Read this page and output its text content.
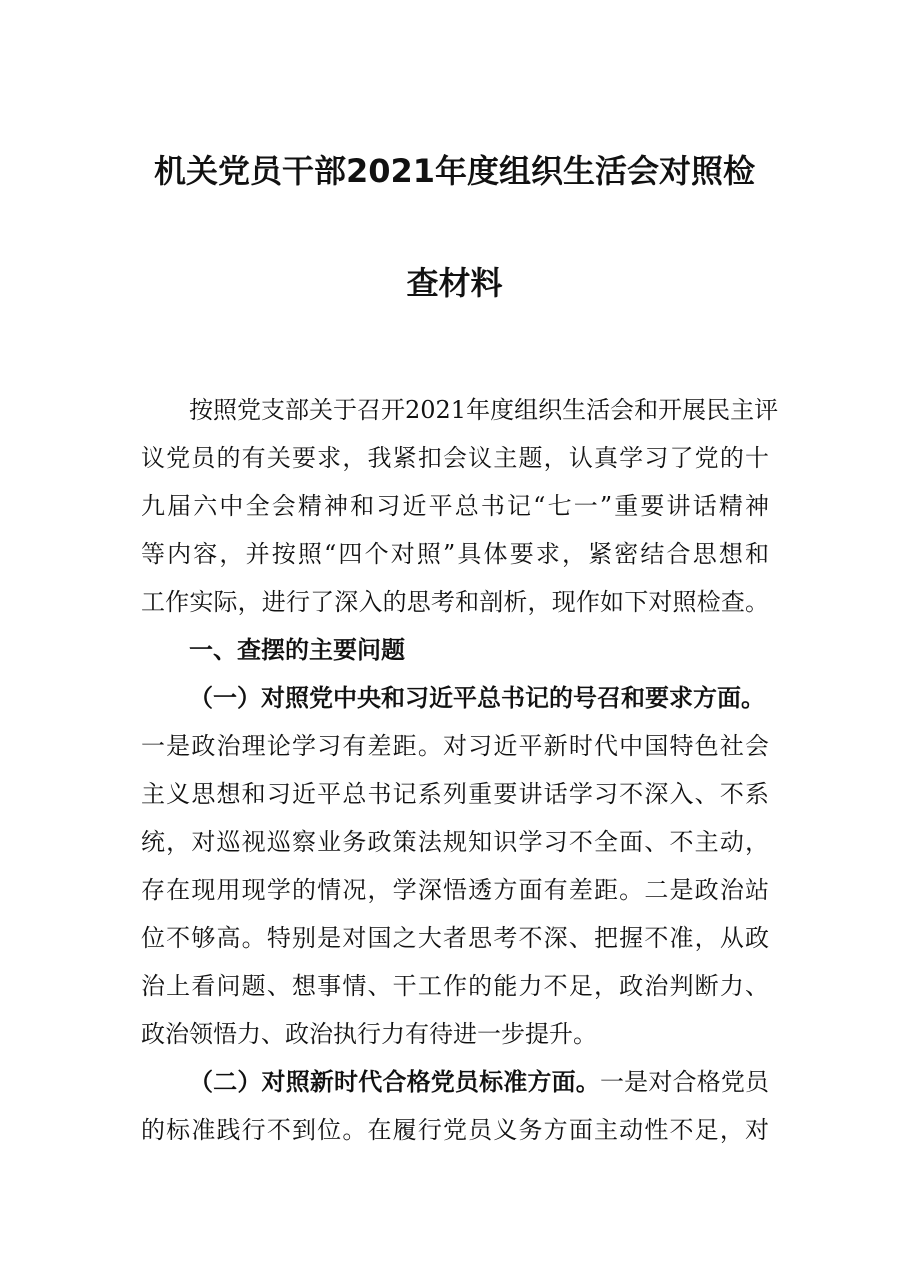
机关党员干部2021年度组织生活会对照检
查材料
按照党支部关于召开2021年度组织生活会和开展民主评
议党员的有关要求，我紧扣会议主题，认真学习了党的十
九届六中全会精神和习近平总书记“七一”重要讲话精神
等内容，并按照“四个对照”具体要求，紧密结合思想和
工作实际，进行了深入的思考和剖析，现作如下对照检查。
一、查摆的主要问题
（一）对照党中央和习近平总书记的号召和要求方面。
一是政治理论学习有差距。对习近平新时代中国特色社会
主义思想和习近平总书记系列重要讲话学习不深入、不系
统，对巡视巡察业务政策法规知识学习不全面、不主动，
存在现用现学的情况，学深悟透方面有差距。二是政治站
位不够高。特别是对国之大者思考不深、把握不准，从政
治上看问题、想事情、干工作的能力不足，政治判断力、
政治领悟力、政治执行力有待进一步提升。
（二）对照新时代合格党员标准方面。一是对合格党员
的标准践行不到位。在履行党员义务方面主动性不足，对
